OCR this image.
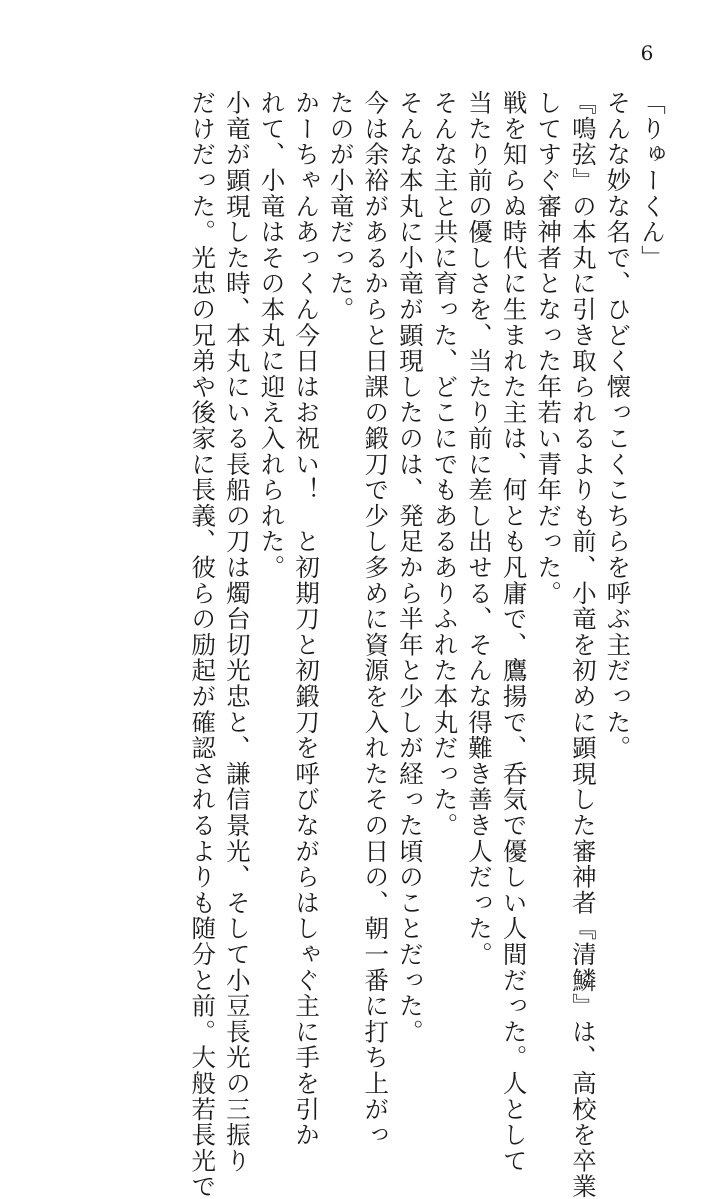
6
「りゅーくん」
そんな妙な名で、ひどく懐っこくこちらを呼ぶ主だった。
『鳴弦』の本丸に引き取られるよりも前、小竜を初めに顕現した審神者『清鱗』は、高校を卒業
してすぐ審神者となった年若い青年だった。
戦を知らぬ時代に生まれた主は、何とも凡庸で、鷹揚で、呑気で優しい人間だった。人として
当たり前の優しさを、当たり前に差し出せる、そんな得難き善き人だった。
そんな主と共に育った、どこにでもあるありふれた本丸だった。
そんな本丸に小竜が顕現したのは、発足から半年と少しが経った頃のことだった。
今は余裕があるからと日課の鍛刀で少し多めに資源を入れたその日の、朝一番に打ち上がっ
たのが小竜だった。
かーちゃんあっくん今日はお祝い！　と初期刀と初鍛刀を呼びながらはしゃぐ主に手を引か
れて、小竜はその本丸に迎え入れられた。
小竜が顕現した時、本丸にいる長船の刀は燭台切光忠と、謙信景光、そして小豆長光の三振り
だけだった。光忠の兄弟や後家に長義、彼らの励起が確認されるよりも随分と前。大般若長光で
